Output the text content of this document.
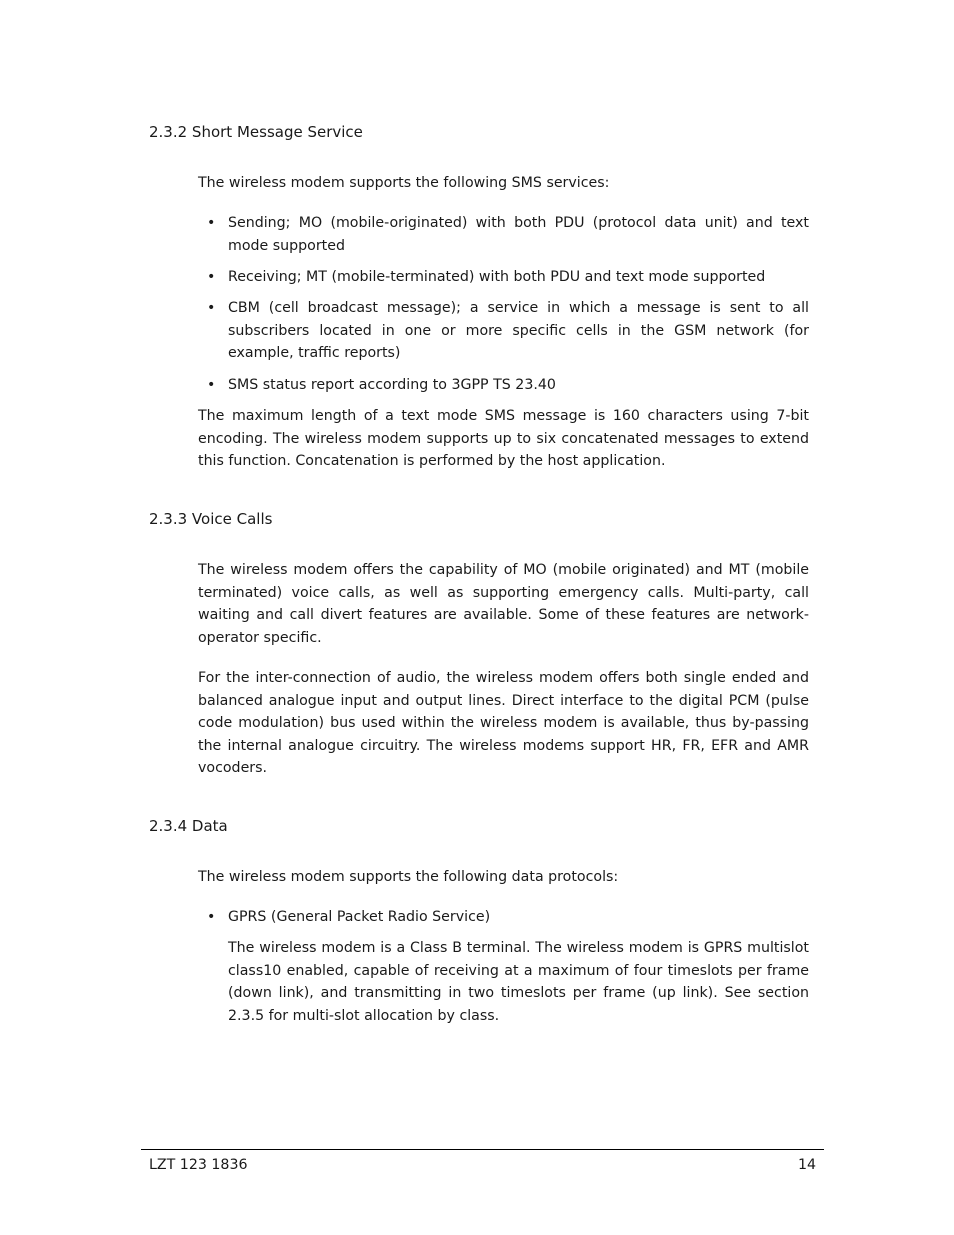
2.3.2 Short Message Service

The wireless modem supports the following SMS services:

• Sending; MO (mobile-originated) with both PDU (protocol data unit) and text mode supported
• Receiving; MT (mobile-terminated) with both PDU and text mode supported
• CBM (cell broadcast message); a service in which a message is sent to all subscribers located in one or more specific cells in the GSM network (for example, traffic reports)
• SMS status report according to 3GPP TS 23.40

The maximum length of a text mode SMS message is 160 characters using 7-bit encoding. The wireless modem supports up to six concatenated messages to extend this function. Concatenation is performed by the host application.

2.3.3 Voice Calls

The wireless modem offers the capability of MO (mobile originated) and MT (mobile terminated) voice calls, as well as supporting emergency calls. Multi-party, call waiting and call divert features are available. Some of these features are network-operator specific.

For the inter-connection of audio, the wireless modem offers both single ended and balanced analogue input and output lines. Direct interface to the digital PCM (pulse code modulation) bus used within the wireless modem is available, thus by-passing the internal analogue circuitry. The wireless modems support HR, FR, EFR and AMR vocoders.

2.3.4 Data

The wireless modem supports the following data protocols:

• GPRS (General Packet Radio Service)

The wireless modem is a Class B terminal. The wireless modem is GPRS multislot class10 enabled, capable of receiving at a maximum of four timeslots per frame (down link), and transmitting in two timeslots per frame (up link). See section 2.3.5 for multi-slot allocation by class.

LZT 123 1836	14
